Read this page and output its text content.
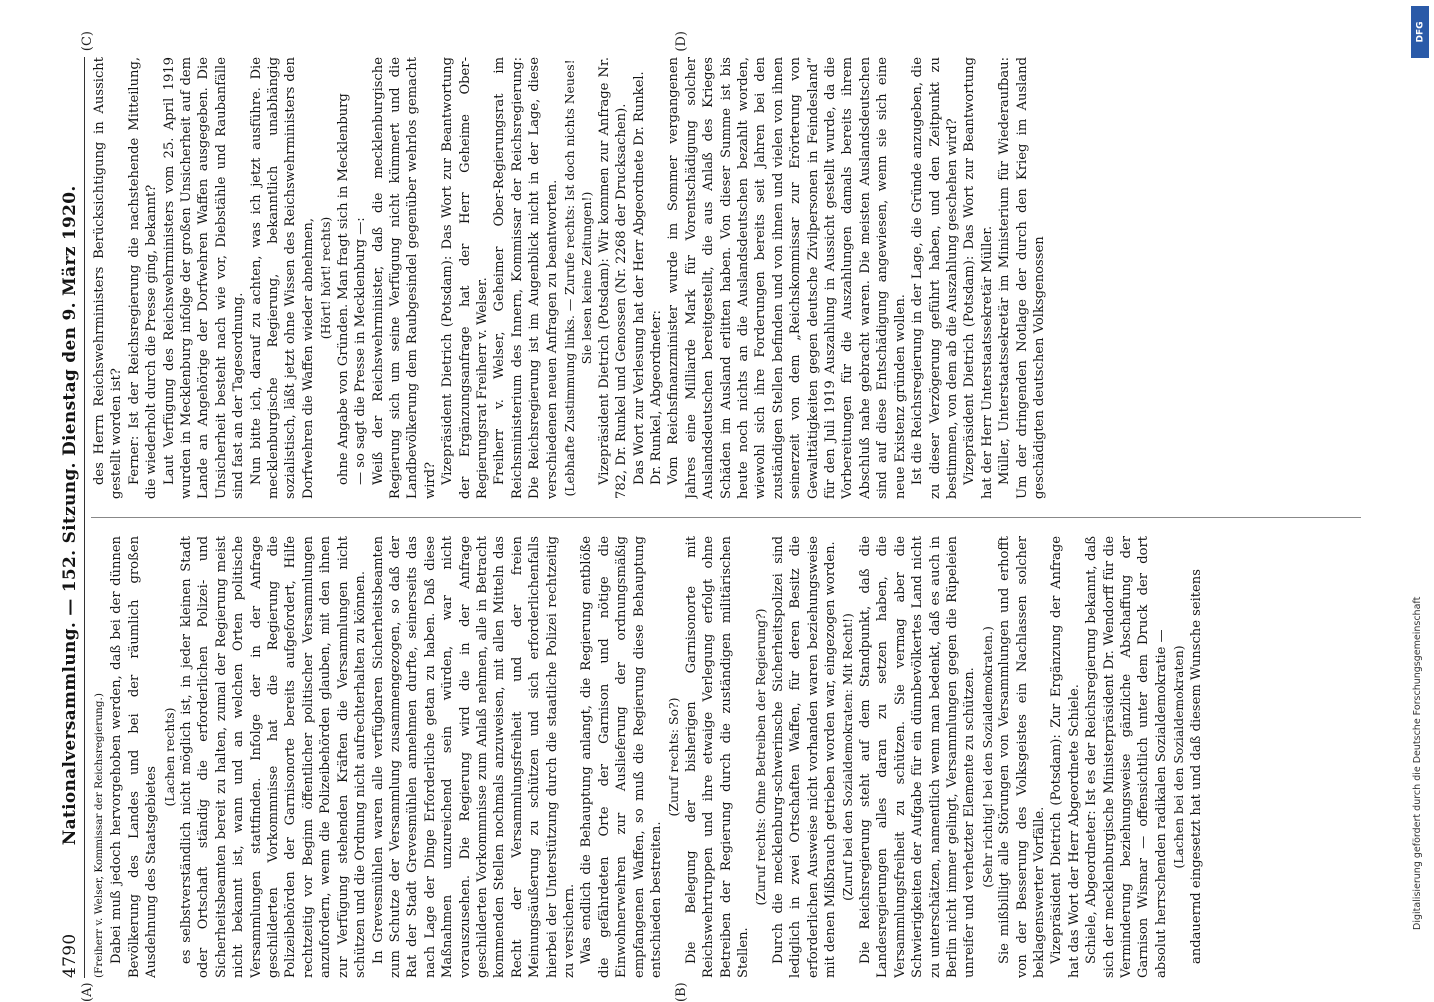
DFG
Digitalisierung gefördert durch die Deutsche Forschungsgemeinschaft
4790
Nationalversammlung. — 152. Sitzung. Dienstag den 9. März 1920. (Freiherr v. Welser, Kommissar der Reichsregierung.) Dabei muß jedoch hervorgehoben werden, daß bei der dünnen Bevölkerung des Landes und bei der räumlich großen Ausdehnung des Staatsgebietes

(Lachen rechts) es selbstverständlich nicht möglich ist, in jeder kleinen Stadt oder Ortschaft ständig die erforderlichen Polizei- und Sicherheitsbeamten bereit zu halten, zumal der Regierung meist nicht bekannt ist, wann und an welchen Orten politische Versammlungen stattfinden. Infolge der in der Anfrage geschilderten Vorkommnisse hat die Regierung die Polizeibehörden der Garnisonorte bereits aufgefordert, Hilfe rechtzeitig vor Beginn öffentlicher politischer Versammlungen anzufordern, wenn die Polizeibehörden glauben, mit den ihnen zur Verfügung stehenden Kräften die Versammlungen nicht schützen und die Ordnung nicht aufrechterhalten zu können. In Grevesmühlen waren alle verfügbaren Sicherheitsbeamten zum Schutze der Versammlung zusammengezogen, so daß der Rat der Stadt Grevesmühlen annehmen durfte, seinerseits das nach Lage der Dinge Erforderliche getan zu haben. Daß diese Maßnahmen unzureichend sein würden, war nicht vorauszusehen. Die Regierung wird die in der Anfrage geschilderten Vorkommnisse zum Anlaß nehmen, alle in Betracht kommenden Stellen nochmals anzuweisen, mit allen Mitteln das Recht der Versammlungsfreiheit und der freien Meinungsäußerung zu schützen und sich erforderlichenfalls hierbei der Unterstützung durch die staatliche Polizei rechtzeitig zu versichern. Was endlich die Behauptung anlangt, die Regierung entblöße die gefährdeten Orte der Garnison und nötige die Einwohnerwehren zur Auslieferung der ordnungsmäßig empfangenen Waffen, so muß die Regierung diese Behauptung entschieden bestreiten.

(Zuruf rechts: So?) Die Belegung der bisherigen Garnisonorte mit Reichswehrtruppen und ihre etwaige Verlegung erfolgt ohne Betreiben der Regierung durch die zuständigen militärischen Stellen.

(Zuruf rechts: Ohne Betreiben der Regierung?) Durch die mecklenburg-schwerinsche Sicherheitspolizei sind lediglich in zwei Ortschaften Waffen, für deren Besitz die erforderlichen Ausweise nicht vorhanden waren beziehungsweise mit denen Mißbrauch getrieben worden war, eingezogen worden. (Zuruf bei den Sozialdemokraten: Mit Recht!) Die Reichsregierung steht auf dem Standpunkt, daß die Landesregierungen alles daran zu setzen haben, die Versammlungsfreiheit zu schützen. Sie vermag aber die Schwierigkeiten der Aufgabe für ein dünnbevölkertes Land nicht zu unterschätzen, namentlich wenn man bedenkt, daß es auch in Berlin nicht immer gelingt, Versammlungen gegen die Rüpeleien unreifer und verhetzter Elemente zu schützen. (Sehr richtig! bei den Sozialdemokraten.) Sie mißbilligt alle Störungen von Versammlungen und erhofft von der Besserung des Volksgeistes ein Nachlassen solcher beklagenswerter Vorfälle. Vizepräsident Dietrich (Potsdam): Zur Ergänzung der Anfrage hat das Wort der Herr Abgeordnete Schiele. Schiele, Abgeordneter: Ist es der Reichsregierung bekannt, daß sich der mecklenburgische Ministerpräsident Dr. Wendorff für die Verminderung beziehungsweise gänzliche Abschaffung der Garnison Wismar — offensichtlich unter dem Druck der dort absolut herrschenden radikalen Sozialdemokratie — (Lachen bei den Sozialdemokraten) andauernd eingesetzt hat und daß diesem Wunsche seitens

des Herrn Reichswehrministers Berücksichtigung in Aussicht gestellt worden ist? Ferner: Ist der Reichsregierung die nachstehende Mitteilung, die wiederholt durch die Presse ging, bekannt? Laut Verfügung des Reichswehrministers vom 25. April 1919 wurden in Mecklenburg infolge der großen Unsicherheit auf dem Lande an Angehörige der Dorfwehren Waffen ausgegeben. Die Unsicherheit besteht nach wie vor, Diebstähle und Raubanfälle sind fast an der Tagesordnung. Nun bitte ich, darauf zu achten, was ich jetzt ausführe. Die mecklenburgische Regierung, bekanntlich unabhängig sozialistisch, läßt jetzt ohne Wissen des Reichswehrministers den Dorfwehren die Waffen wieder abnehmen, (Hört! hört! rechts) ohne Angabe von Gründen. Man fragt sich in Mecklenburg — so sagt die Presse in Mecklenburg —: Weiß der Reichswehrminister, daß die mecklenburgische Regierung sich um seine Verfügung nicht kümmert und die Landbevölkerung dem Raubgesindel gegenüber wehrlos gemacht wird? Vizepräsident Dietrich (Potsdam): Das Wort zur Beantwortung der Ergänzungsanfrage hat der Herr Geheime Ober-Regierungsrat Freiherr v. Welser. Freiherr v. Welser, Geheimer Ober-Regierungsrat im Reichsministerium des Innern, Kommissar der Reichsregierung: Die Reichsregierung ist im Augenblick nicht in der Lage, diese verschiedenen neuen Anfragen zu beantworten. (Lebhafte Zustimmung links. — Zurufe rechts: Ist doch nichts Neues! Sie lesen keine Zeitungen!) Vizepräsident Dietrich (Potsdam): Wir kommen zur Anfrage Nr. 782, Dr. Runkel und Genossen (Nr. 2268 der Drucksachen). Das Wort zur Verlesung hat der Herr Abgeordnete Dr. Runkel. Dr. Runkel, Abgeordneter: Vom Reichsfinanzminister wurde im Sommer vergangenen Jahres eine Milliarde Mark für Vorentschädigung solcher Auslandsdeutschen bereitgestellt, die aus Anlaß des Krieges Schäden im Ausland erlitten haben. Von dieser Summe ist bis heute noch nichts an die Auslandsdeutschen bezahlt worden, wiewohl sich ihre Forderungen bereits seit Jahren bei den zuständigen Stellen befinden und von ihnen und vielen von ihnen seinerzeit von dem „Reichskommissar zur Erörterung von Gewalttätigkeiten gegen deutsche Zivilpersonen in Feindesland“ für den Juli 1919 Auszahlung in Aussicht gestellt wurde, da die Vorbereitungen für die Auszahlungen damals bereits ihrem Abschluß nahe gebracht waren. Die meisten Auslandsdeutschen sind auf diese Entschädigung angewiesen, wenn sie sich eine neue Existenz gründen wollen. Ist die Reichsregierung in der Lage, die Gründe anzugeben, die zu dieser Verzögerung geführt haben, und den Zeitpunkt zu bestimmen, von dem ab die Auszahlung geschehen wird? Vizepräsident Dietrich (Potsdam): Das Wort zur Beantwortung hat der Herr Unterstaatssekretär Müller. Müller, Unterstaatssekretär im Ministerium für Wiederaufbau: Um der dringenden Notlage der durch den Krieg im Ausland geschädigten deutschen Volksgenossen

(A)	(B)
(C)	(D)
